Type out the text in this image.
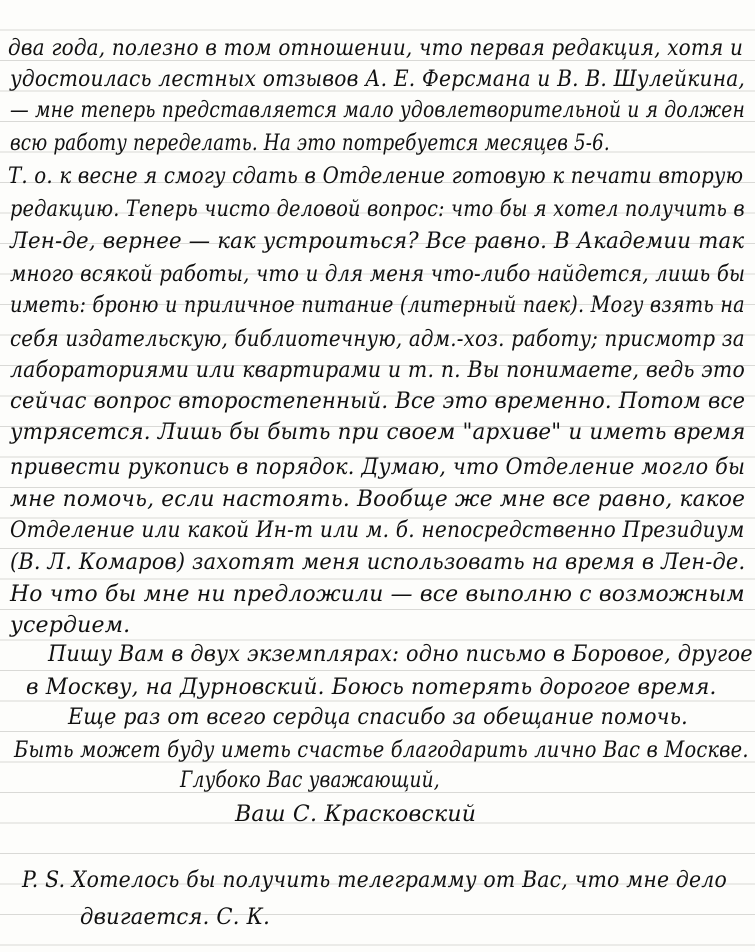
два года, полезно в том отношении, что первая редакция, хотя и
удостоилась лестных отзывов А. Е. Ферсмана и В. В. Шулейкина,
— мне теперь представляется мало удовлетворительной и я должен
всю работу переделать. На это потребуется месяцев 5-6.
Т. о. к весне я смогу сдать в Отделение готовую к печати вторую
редакцию. Теперь чисто деловой вопрос: что бы я хотел получить в
Лен-де, вернее — как устроиться? Все равно. В Академии так
много всякой работы, что и для меня что-либо найдется, лишь бы
иметь: броню и приличное питание (литерный паек). Могу взять на
себя издательскую, библиотечную, адм.-хоз. работу; присмотр за
лабораториями или квартирами и т. п. Вы понимаете, ведь это
сейчас вопрос второстепенный. Все это временно. Потом все
утрясется. Лишь бы быть при своем "архиве" и иметь время
привести рукопись в порядок. Думаю, что Отделение могло бы
мне помочь, если настоять. Вообще же мне все равно, какое
Отделение или какой Ин-т или м. б. непосредственно Президиум
(В. Л. Комаров) захотят меня использовать на время в Лен-де.
Но что бы мне ни предложили — все выполню с возможным
усердием.
Пишу Вам в двух экземплярах: одно письмо в Боровое, другое
в Москву, на Дурновский. Боюсь потерять дорогое время.
Еще раз от всего сердца спасибо за обещание помочь.
Быть может буду иметь счастье благодарить лично Вас в Москве.
Глубоко Вас уважающий,
Ваш С. Красковский
P. S. Хотелось бы получить телеграмму от Вас, что мне дело
двигается. С. К.
